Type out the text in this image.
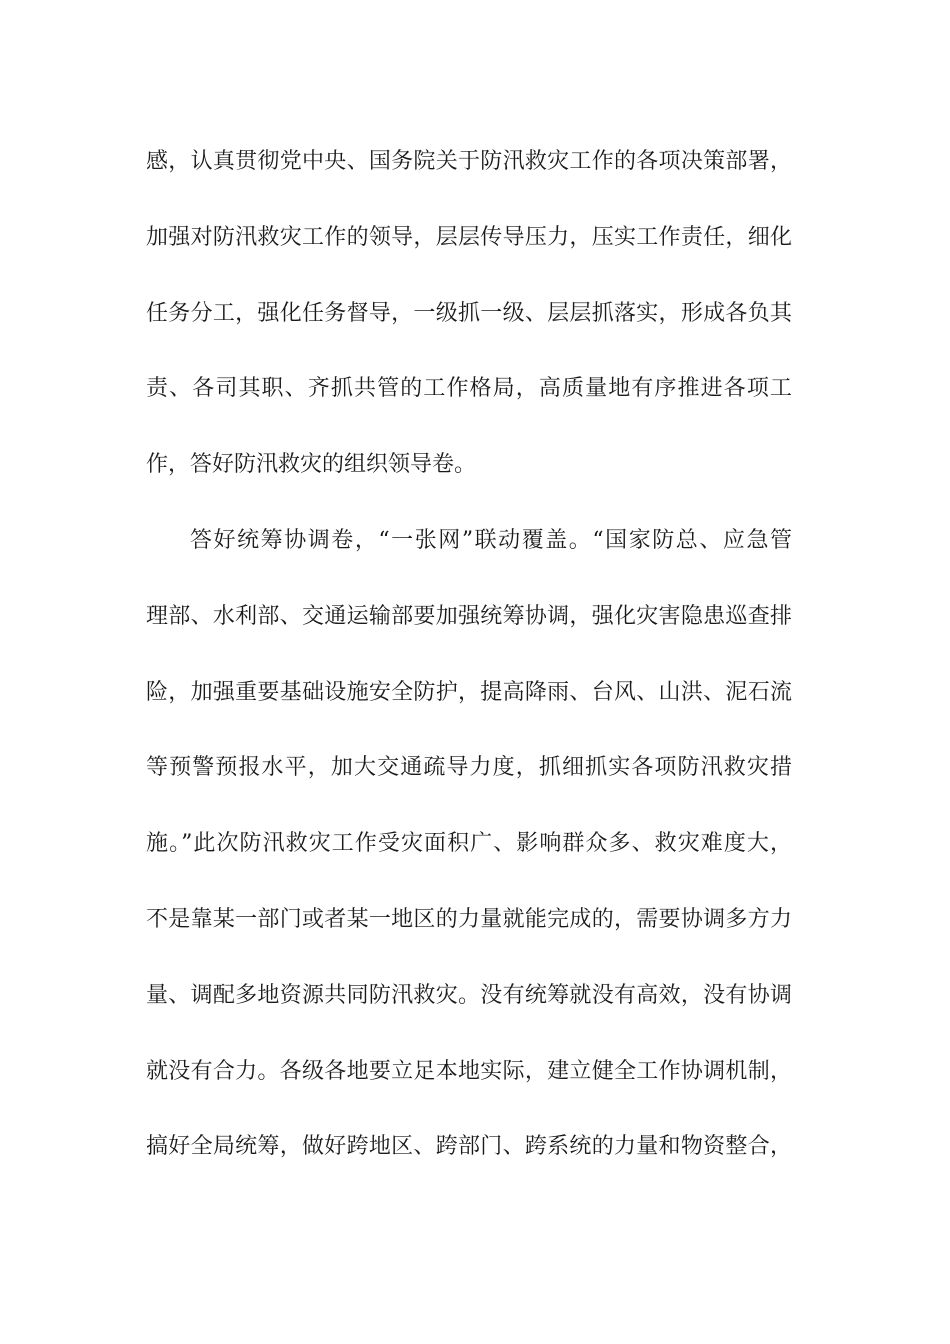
感，认真贯彻党中央、国务院关于防汛救灾工作的各项决策部署，
加强对防汛救灾工作的领导，层层传导压力，压实工作责任，细化
任务分工，强化任务督导，一级抓一级、层层抓落实，形成各负其
责、各司其职、齐抓共管的工作格局，高质量地有序推进各项工
作，答好防汛救灾的组织领导卷。
答好统筹协调卷，“一张网”联动覆盖。“国家防总、应急管
理部、水利部、交通运输部要加强统筹协调，强化灾害隐患巡查排
险，加强重要基础设施安全防护，提高降雨、台风、山洪、泥石流
等预警预报水平，加大交通疏导力度，抓细抓实各项防汛救灾措
施。”此次防汛救灾工作受灾面积广、影响群众多、救灾难度大，
不是靠某一部门或者某一地区的力量就能完成的，需要协调多方力
量、调配多地资源共同防汛救灾。没有统筹就没有高效，没有协调
就没有合力。各级各地要立足本地实际，建立健全工作协调机制，
搞好全局统筹，做好跨地区、跨部门、跨系统的力量和物资整合，
